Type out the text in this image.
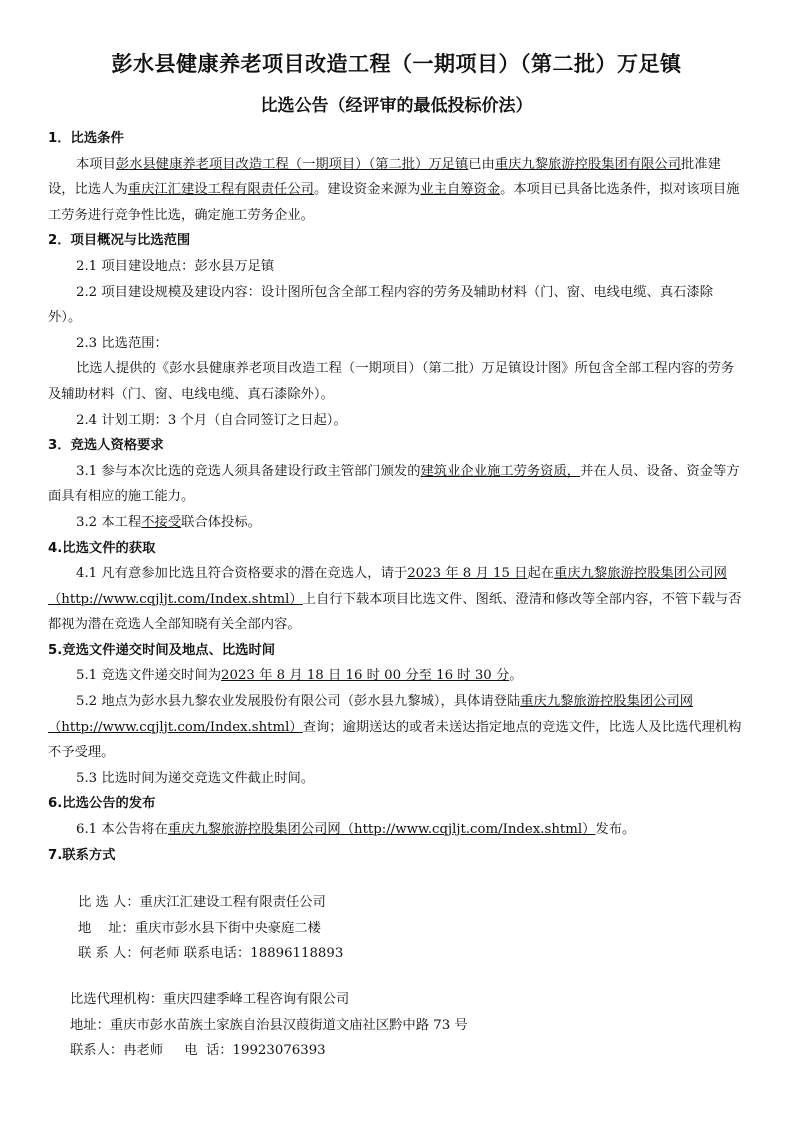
彭水县健康养老项目改造工程（一期项目）（第二批）万足镇
比选公告（经评审的最低投标价法）

1．比选条件

本项目彭水县健康养老项目改造工程（一期项目）（第二批）万足镇已由重庆九黎旅游控股集团有限公司批准建设，比选人为重庆江汇建设工程有限责任公司。建设资金来源为业主自筹资金。本项目已具备比选条件，拟对该项目施工劳务进行竞争性比选，确定施工劳务企业。

2．项目概况与比选范围

2.1 项目建设地点：彭水县万足镇

2.2 项目建设规模及建设内容：设计图所包含全部工程内容的劳务及辅助材料（门、窗、电线电缆、真石漆除外）。

2.3 比选范围：

比选人提供的《彭水县健康养老项目改造工程（一期项目）（第二批）万足镇设计图》所包含全部工程内容的劳务及辅助材料（门、窗、电线电缆、真石漆除外）。

2.4 计划工期：3 个月（自合同签订之日起）。

3．竞选人资格要求

3.1 参与本次比选的竞选人须具备建设行政主管部门颁发的建筑业企业施工劳务资质，并在人员、设备、资金等方面具有相应的施工能力。

3.2 本工程不接受联合体投标。

4.比选文件的获取

4.1 凡有意参加比选且符合资格要求的潜在竞选人，请于2023 年 8 月 15 日起在重庆九黎旅游控股集团公司网（http://www.cqjljt.com/Index.shtml）上自行下载本项目比选文件、图纸、澄清和修改等全部内容，不管下载与否都视为潜在竞选人全部知晓有关全部内容。

5.竞选文件递交时间及地点、比选时间

5.1 竞选文件递交时间为2023 年 8 月 18 日 16 时 00 分至 16 时 30 分。

5.2 地点为彭水县九黎农业发展股份有限公司（彭水县九黎城），具体请登陆重庆九黎旅游控股集团公司网（http://www.cqjljt.com/Index.shtml）查询；逾期送达的或者未送达指定地点的竞选文件，比选人及比选代理机构不予受理。

5.3 比选时间为递交竞选文件截止时间。

6.比选公告的发布

6.1 本公告将在重庆九黎旅游控股集团公司网（http://www.cqjljt.com/Index.shtml）发布。

7.联系方式

比 选 人：重庆江汇建设工程有限责任公司

地    址：重庆市彭水县下街中央豪庭二楼

联 系 人：何老师 联系电话：18896118893

比选代理机构：重庆四建季峰工程咨询有限公司

地址：重庆市彭水苗族土家族自治县汉葭街道文庙社区黔中路 73 号

联系人：冉老师     电  话：19923076393
